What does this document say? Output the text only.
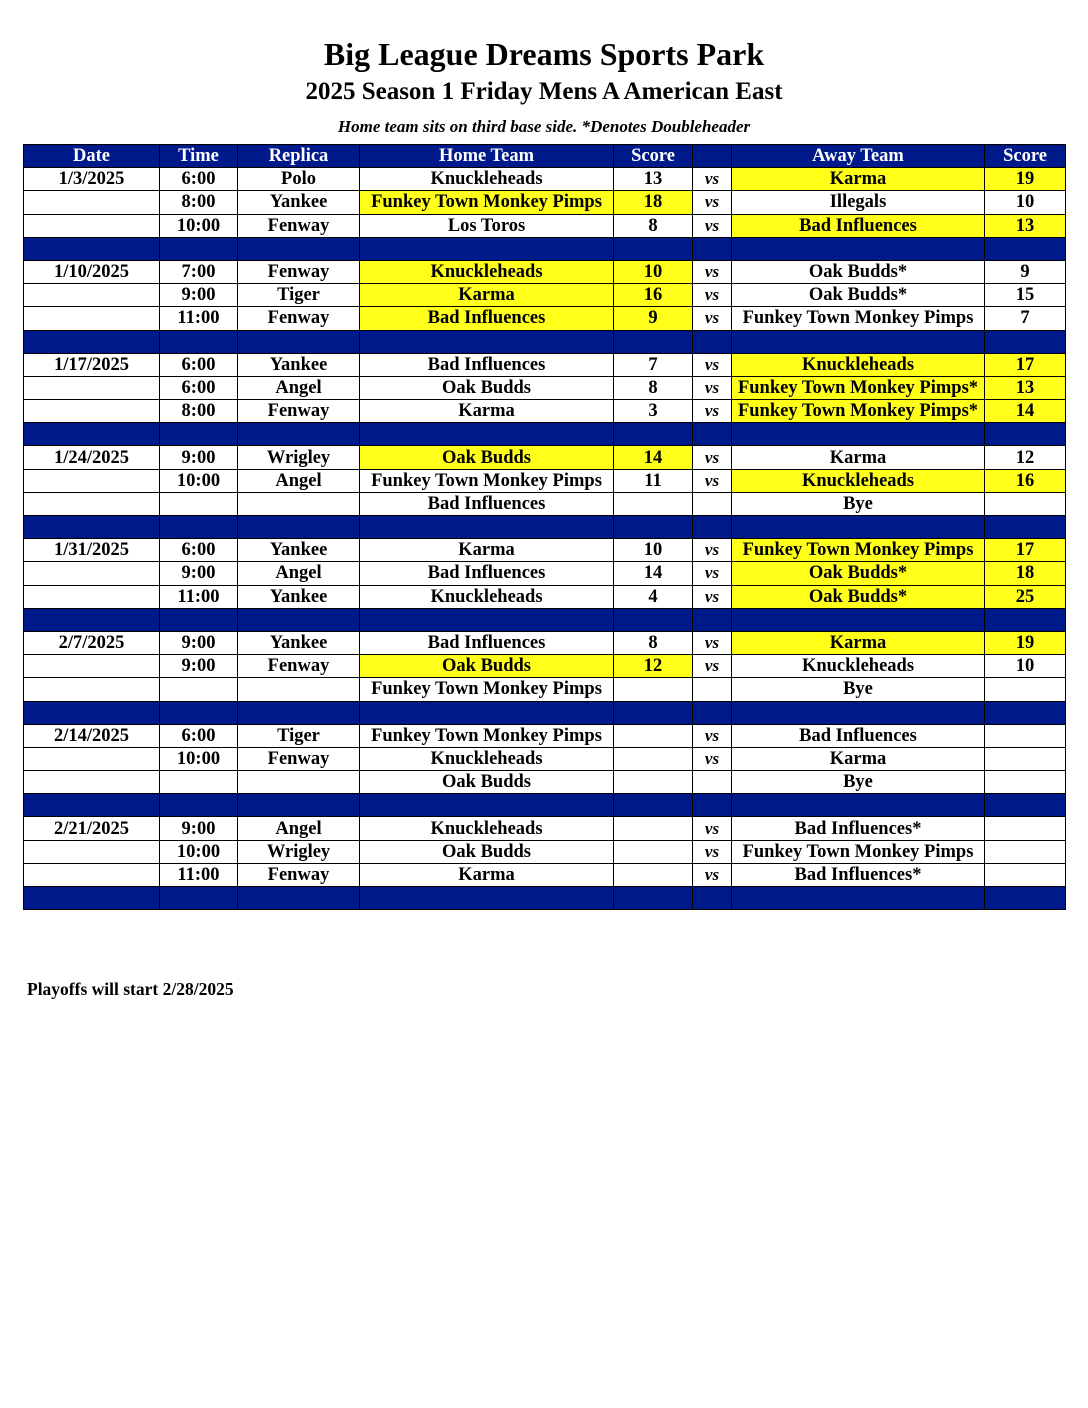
Big League Dreams Sports Park
2025 Season 1 Friday Mens A American East
Home team sits on third base side. *Denotes Doubleheader
Date	Time	Replica	Home Team	Score		Away Team	Score
1/3/2025	6:00	Polo	Knuckleheads	13	vs	Karma	19
	8:00	Yankee	Funkey Town Monkey Pimps	18	vs	Illegals	10
	10:00	Fenway	Los Toros	8	vs	Bad Influences	13

1/10/2025	7:00	Fenway	Knuckleheads	10	vs	Oak Budds*	9
	9:00	Tiger	Karma	16	vs	Oak Budds*	15
	11:00	Fenway	Bad Influences	9	vs	Funkey Town Monkey Pimps	7

1/17/2025	6:00	Yankee	Bad Influences	7	vs	Knuckleheads	17
	6:00	Angel	Oak Budds	8	vs	Funkey Town Monkey Pimps*	13
	8:00	Fenway	Karma	3	vs	Funkey Town Monkey Pimps*	14

1/24/2025	9:00	Wrigley	Oak Budds	14	vs	Karma	12
	10:00	Angel	Funkey Town Monkey Pimps	11	vs	Knuckleheads	16
			Bad Influences			Bye	

1/31/2025	6:00	Yankee	Karma	10	vs	Funkey Town Monkey Pimps	17
	9:00	Angel	Bad Influences	14	vs	Oak Budds*	18
	11:00	Yankee	Knuckleheads	4	vs	Oak Budds*	25

2/7/2025	9:00	Yankee	Bad Influences	8	vs	Karma	19
	9:00	Fenway	Oak Budds	12	vs	Knuckleheads	10
			Funkey Town Monkey Pimps			Bye	

2/14/2025	6:00	Tiger	Funkey Town Monkey Pimps		vs	Bad Influences	
	10:00	Fenway	Knuckleheads		vs	Karma	
			Oak Budds			Bye	

2/21/2025	9:00	Angel	Knuckleheads		vs	Bad Influences*	
	10:00	Wrigley	Oak Budds		vs	Funkey Town Monkey Pimps	
	11:00	Fenway	Karma		vs	Bad Influences*	

Playoffs will start 2/28/2025
